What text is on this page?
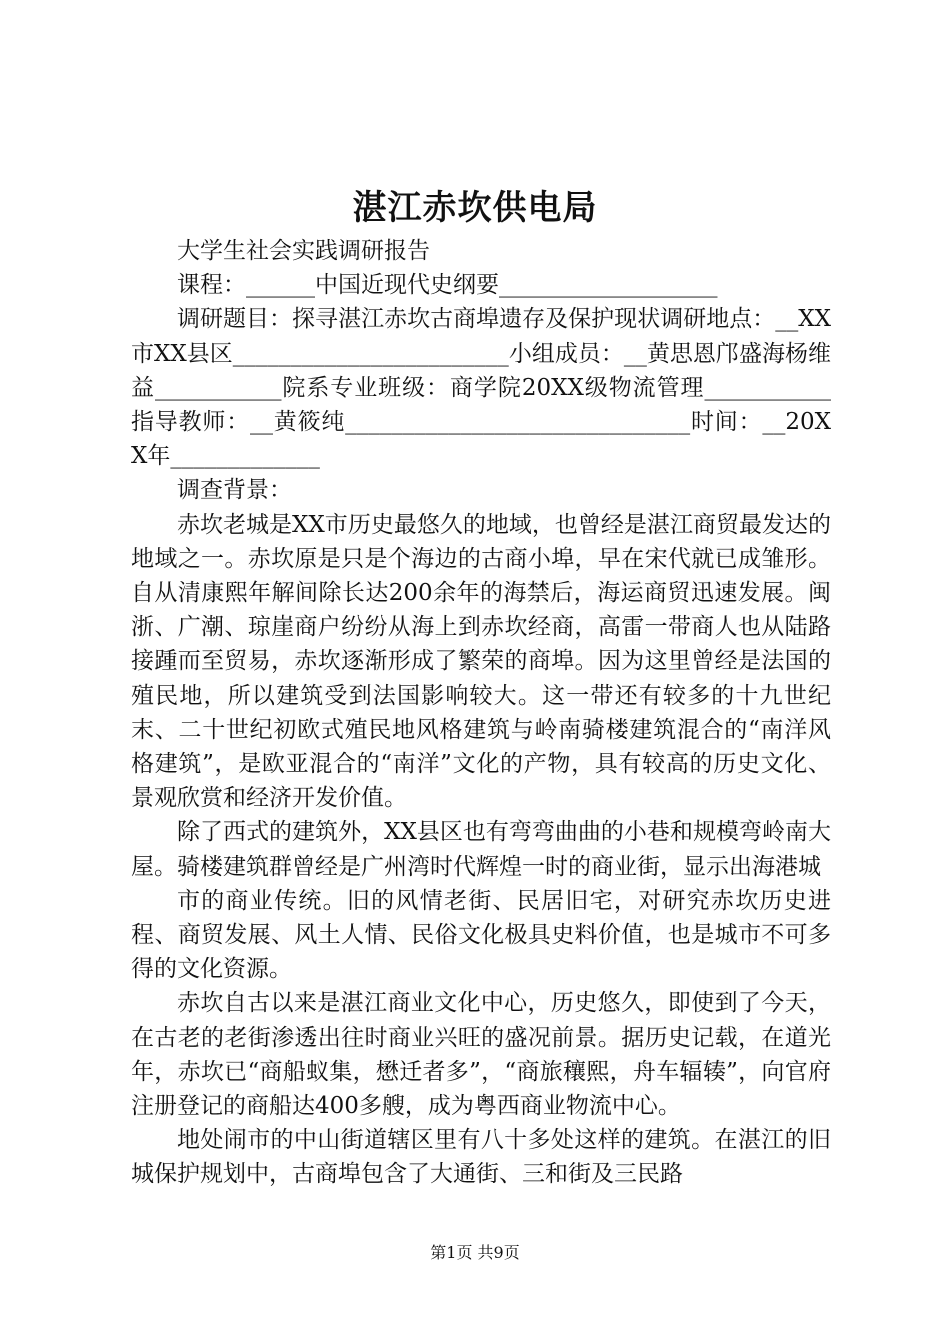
湛江赤坎供电局

大学生社会实践调研报告

课程：______中国近现代史纲要___________________

调研题目：探寻湛江赤坎古商埠遗存及保护现状调研地点：__XX市XX县区________________________小组成员：__黄思恩邝盛海杨维益___________院系专业班级：商学院20XX级物流管理___________指导教师：__黄筱纯______________________________时间：__20XX年_____________

调查背景：

赤坎老城是XX市历史最悠久的地域，也曾经是湛江商贸最发达的地域之一。赤坎原是只是个海边的古商小埠，早在宋代就已成雏形。自从清康熙年解间除长达200余年的海禁后，海运商贸迅速发展。闽浙、广潮、琼崖商户纷纷从海上到赤坎经商，高雷一带商人也从陆路接踵而至贸易，赤坎逐渐形成了繁荣的商埠。因为这里曾经是法国的殖民地，所以建筑受到法国影响较大。这一带还有较多的十九世纪末、二十世纪初欧式殖民地风格建筑与岭南骑楼建筑混合的“南洋风格建筑”，是欧亚混合的“南洋”文化的产物，具有较高的历史文化、景观欣赏和经济开发价值。

除了西式的建筑外，XX县区也有弯弯曲曲的小巷和规模弯岭南大屋。骑楼建筑群曾经是广州湾时代辉煌一时的商业街，显示出海港城

市的商业传统。旧的风情老街、民居旧宅，对研究赤坎历史进程、商贸发展、风土人情、民俗文化极具史料价值，也是城市不可多得的文化资源。

赤坎自古以来是湛江商业文化中心，历史悠久，即使到了今天，在古老的老街渗透出往时商业兴旺的盛况前景。据历史记载，在道光年，赤坎已“商船蚁集，懋迁者多”，“商旅穰熙，舟车辐辏”，向官府注册登记的商船达400多艘，成为粤西商业物流中心。

地处闹市的中山街道辖区里有八十多处这样的建筑。在湛江的旧城保护规划中，古商埠包含了大通街、三和街及三民路

第1页 共9页
